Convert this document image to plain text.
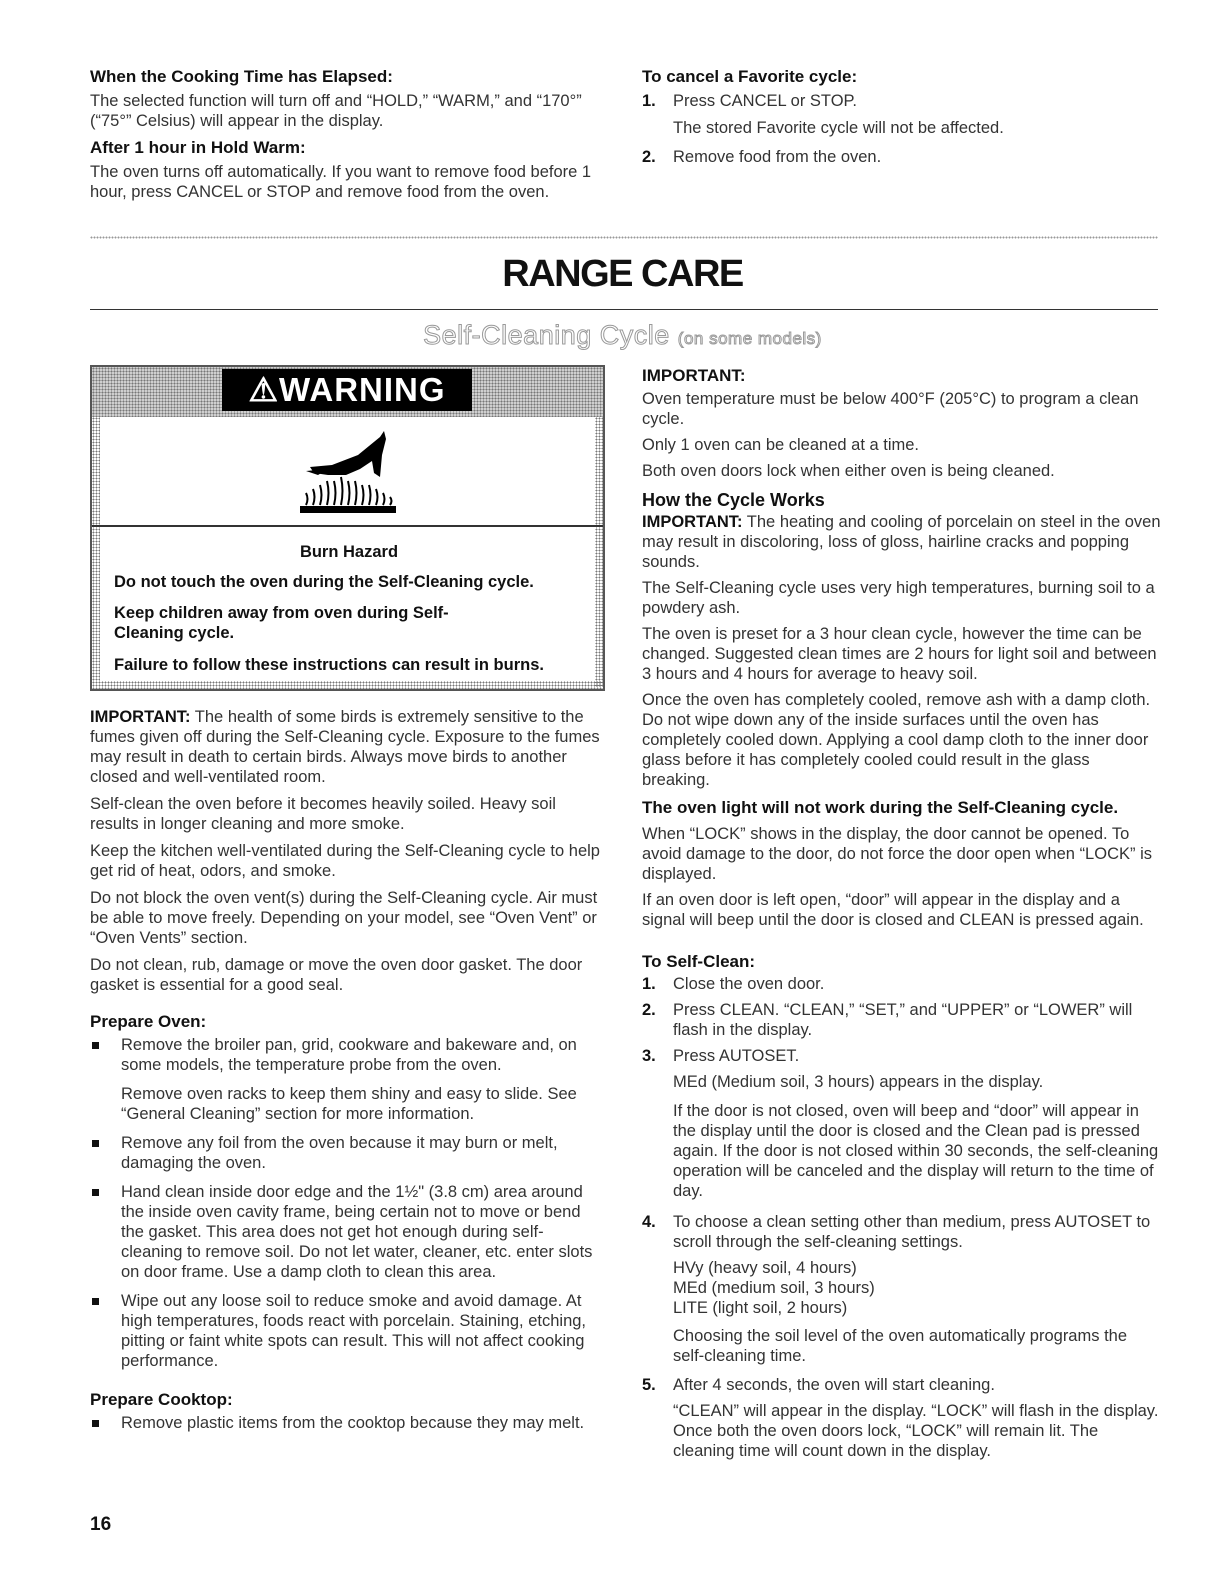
When the Cooking Time has Elapsed:

The selected function will turn off and “HOLD,” “WARM,” and “170°” (“75°” Celsius) will appear in the display.

After 1 hour in Hold Warm:

The oven turns off automatically. If you want to remove food before 1 hour, press CANCEL or STOP and remove food from the oven.

To cancel a Favorite cycle:
1. Press CANCEL or STOP.

The stored Favorite cycle will not be affected.

2. Remove food from the oven.

RANGE CARE
Self-Cleaning Cycle (on some models)
⚠WARNING
Burn Hazard
Do not touch the oven during the Self-Cleaning cycle.
Keep children away from oven during Self-Cleaning cycle.
Failure to follow these instructions can result in burns.

IMPORTANT: The health of some birds is extremely sensitive to the fumes given off during the Self-Cleaning cycle. Exposure to the fumes may result in death to certain birds. Always move birds to another closed and well-ventilated room.

Self-clean the oven before it becomes heavily soiled. Heavy soil results in longer cleaning and more smoke.

Keep the kitchen well-ventilated during the Self-Cleaning cycle to help get rid of heat, odors, and smoke.

Do not block the oven vent(s) during the Self-Cleaning cycle. Air must be able to move freely. Depending on your model, see “Oven Vent” or “Oven Vents” section.

Do not clean, rub, damage or move the oven door gasket. The door gasket is essential for a good seal.

Prepare Oven:

Remove the broiler pan, grid, cookware and bakeware and, on some models, the temperature probe from the oven.

Remove oven racks to keep them shiny and easy to slide. See “General Cleaning” section for more information.

Remove any foil from the oven because it may burn or melt, damaging the oven.

Hand clean inside door edge and the 1½" (3.8 cm) area around the inside oven cavity frame, being certain not to move or bend the gasket. This area does not get hot enough during self-cleaning to remove soil. Do not let water, cleaner, etc. enter slots on door frame. Use a damp cloth to clean this area.

Wipe out any loose soil to reduce smoke and avoid damage. At high temperatures, foods react with porcelain. Staining, etching, pitting or faint white spots can result. This will not affect cooking performance.

Prepare Cooktop:

Remove plastic items from the cooktop because they may melt.

IMPORTANT:

Oven temperature must be below 400°F (205°C) to program a clean cycle.

Only 1 oven can be cleaned at a time.

Both oven doors lock when either oven is being cleaned.

How the Cycle Works

IMPORTANT: The heating and cooling of porcelain on steel in the oven may result in discoloring, loss of gloss, hairline cracks and popping sounds.

The Self-Cleaning cycle uses very high temperatures, burning soil to a powdery ash.

The oven is preset for a 3 hour clean cycle, however the time can be changed. Suggested clean times are 2 hours for light soil and between 3 hours and 4 hours for average to heavy soil.

Once the oven has completely cooled, remove ash with a damp cloth. Do not wipe down any of the inside surfaces until the oven has completely cooled down. Applying a cool damp cloth to the inner door glass before it has completely cooled could result in the glass breaking.

The oven light will not work during the Self-Cleaning cycle.

When “LOCK” shows in the display, the door cannot be opened. To avoid damage to the door, do not force the door open when “LOCK” is displayed.

If an oven door is left open, “door” will appear in the display and a signal will beep until the door is closed and CLEAN is pressed again.

To Self-Clean:
1. Close the oven door.

2. Press CLEAN. “CLEAN,” “SET,” and “UPPER” or “LOWER” will flash in the display.

3. Press AUTOSET.

MEd (Medium soil, 3 hours) appears in the display.

If the door is not closed, oven will beep and “door” will appear in the display until the door is closed and the Clean pad is pressed again. If the door is not closed within 30 seconds, the self-cleaning operation will be canceled and the display will return to the time of day.

4. To choose a clean setting other than medium, press AUTOSET to scroll through the self-cleaning settings.

HVy (heavy soil, 4 hours)

MEd (medium soil, 3 hours)

LITE (light soil, 2 hours)

Choosing the soil level of the oven automatically programs the self-cleaning time.

5. After 4 seconds, the oven will start cleaning.

“CLEAN” will appear in the display. “LOCK” will flash in the display. Once both the oven doors lock, “LOCK” will remain lit. The cleaning time will count down in the display.

16
